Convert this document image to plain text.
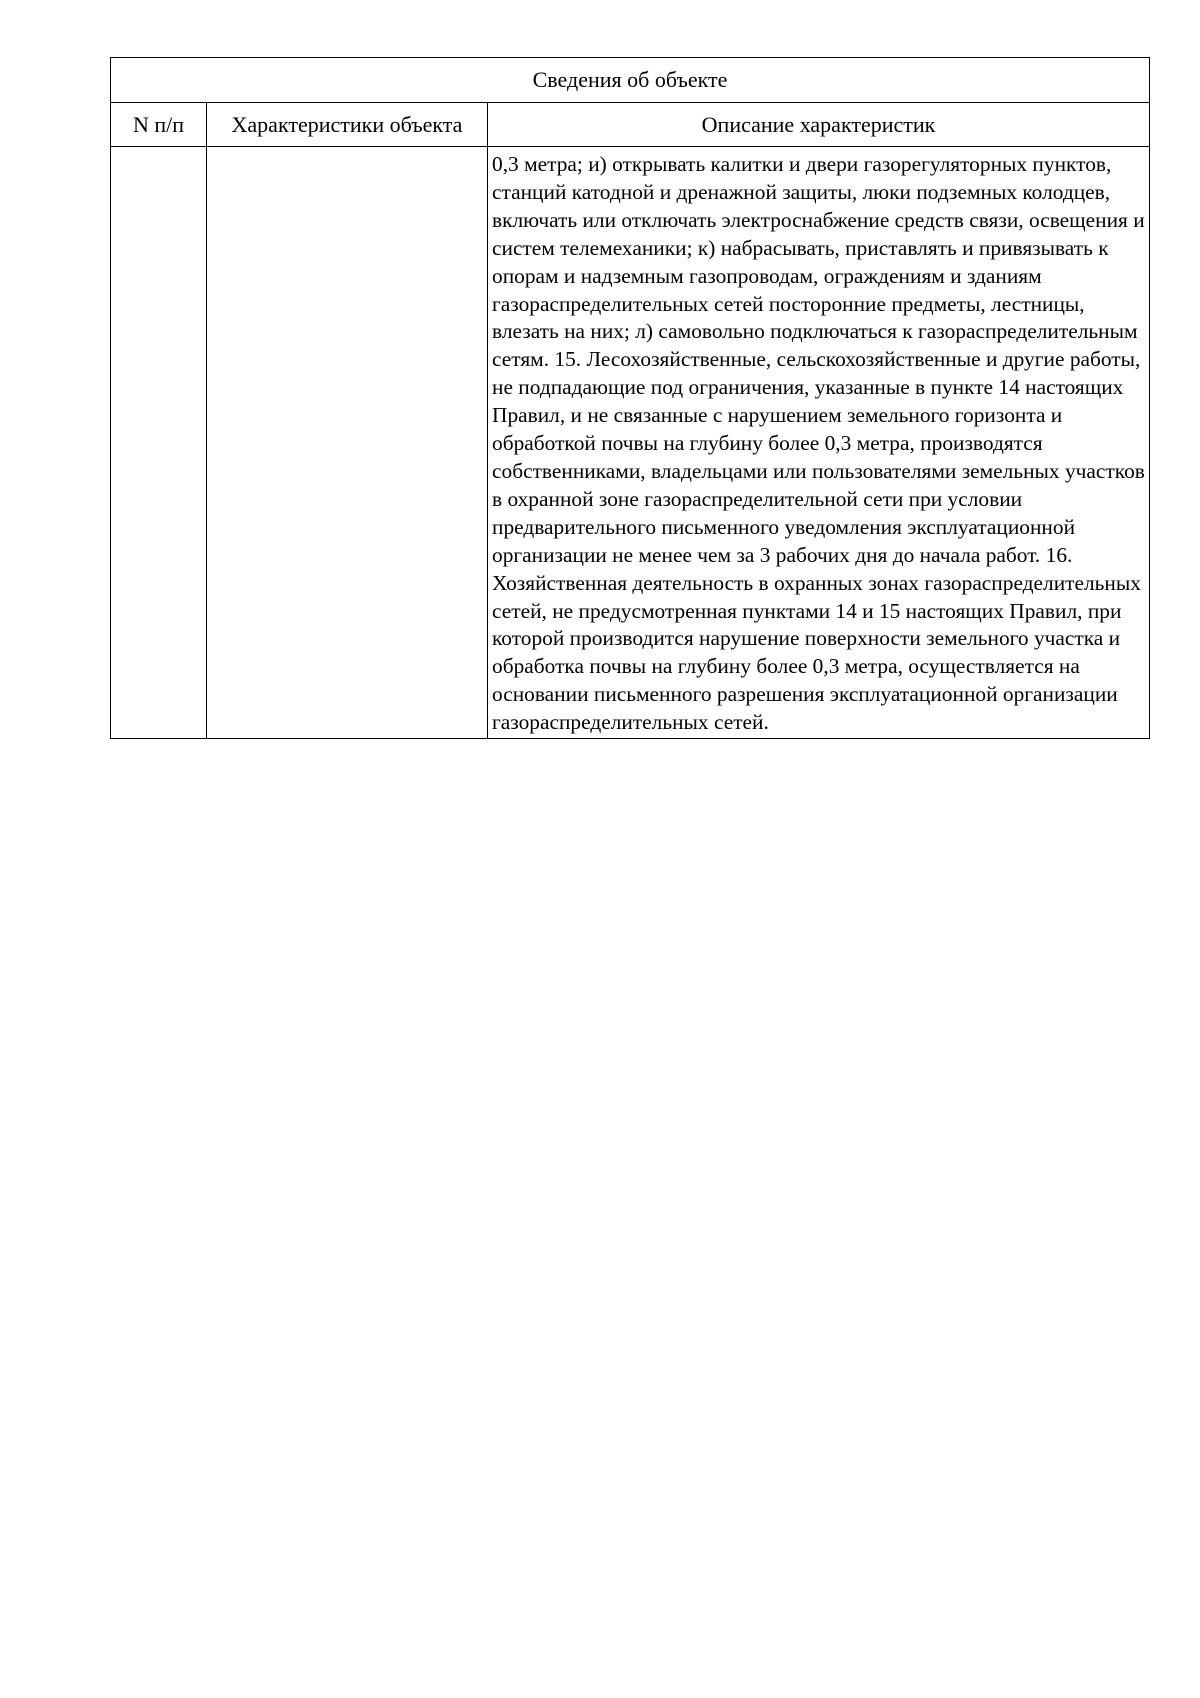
Сведения об объекте		
N п/п	Характеристики объекта	Описание характеристик
		0,3 метра; и) открывать калитки и двери газорегуляторных пунктов, станций катодной и дренажной защиты, люки подземных колодцев, включать или отключать электроснабжение средств связи, освещения и систем телемеханики; к) набрасывать, приставлять и привязывать к опорам и надземным газопроводам, ограждениям и зданиям газораспределительных сетей посторонние предметы, лестницы, влезать на них; л) самовольно подключаться к газораспределительным сетям. 15. Лесохозяйственные, сельскохозяйственные и другие работы, не подпадающие под ограничения, указанные в пункте 14 настоящих Правил, и не связанные с нарушением земельного горизонта и обработкой почвы на глубину более 0,3 метра, производятся собственниками, владельцами или пользователями земельных участков в охранной зоне газораспределительной сети при условии предварительного письменного уведомления эксплуатационной организации не менее чем за 3 рабочих дня до начала работ. 16. Хозяйственная деятельность в охранных зонах газораспределительных сетей, не предусмотренная пунктами 14 и 15 настоящих Правил, при которой производится нарушение поверхности земельного участка и обработка почвы на глубину более 0,3 метра, осуществляется на основании письменного разрешения эксплуатационной организации газораспределительных сетей.
